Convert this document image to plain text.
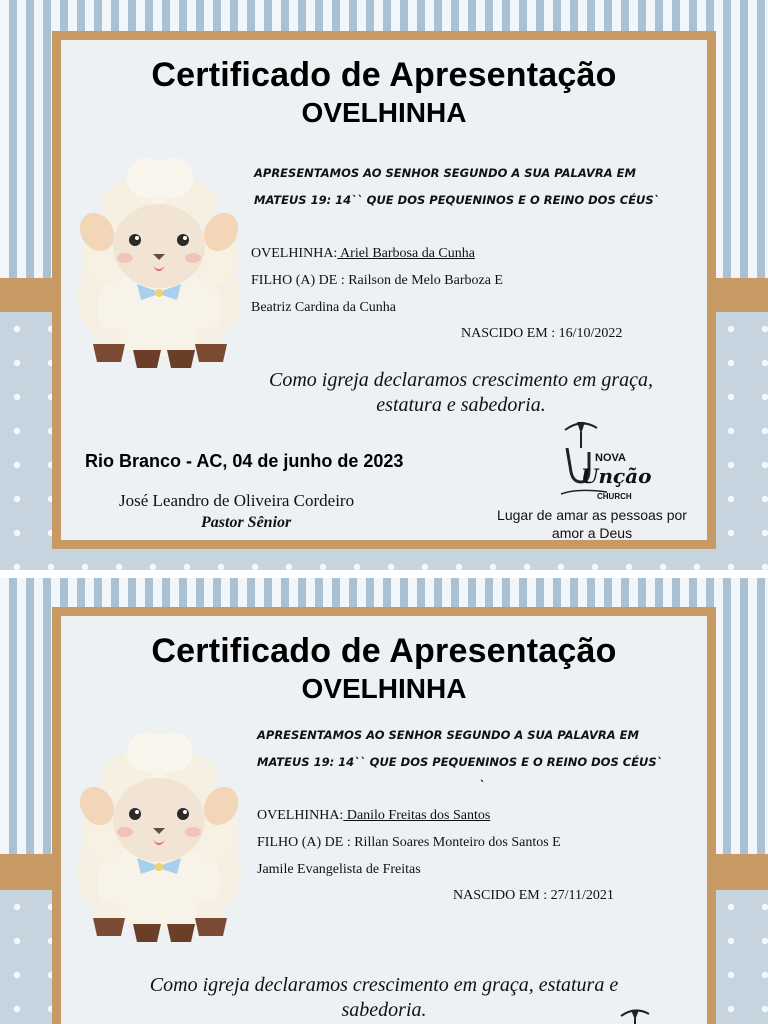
Certificado de Apresentação
OVELHINHA
APRESENTAMOS AO SENHOR SEGUNDO A SUA PALAVRA EM
MATEUS 19: 14`` QUE DOS PEQUENINOS E O REINO DOS CÉUS`
OVELHINHA: Ariel Barbosa da Cunha
FILHO (A) DE : Railson de Melo Barboza E
Beatriz Cardina da Cunha
NASCIDO EM : 16/10/2022
Como igreja declaramos crescimento em graça,
estatura e sabedoria.
Rio Branco - AC, 04 de junho de 2023
José Leandro de Oliveira Cordeiro
Pastor Sênior
NOVA
Unção
CHURCH
Lugar de amar as pessoas por
amor a Deus
Certificado de Apresentação
OVELHINHA
APRESENTAMOS AO SENHOR SEGUNDO A SUA PALAVRA EM
MATEUS 19: 14`` QUE DOS PEQUENINOS E O REINO DOS CÉUS`
`
OVELHINHA: Danilo Freitas dos Santos
FILHO (A) DE : Rillan Soares Monteiro dos Santos E
Jamile Evangelista de Freitas
NASCIDO EM : 27/11/2021
Como igreja declaramos crescimento em graça, estatura e
sabedoria.
